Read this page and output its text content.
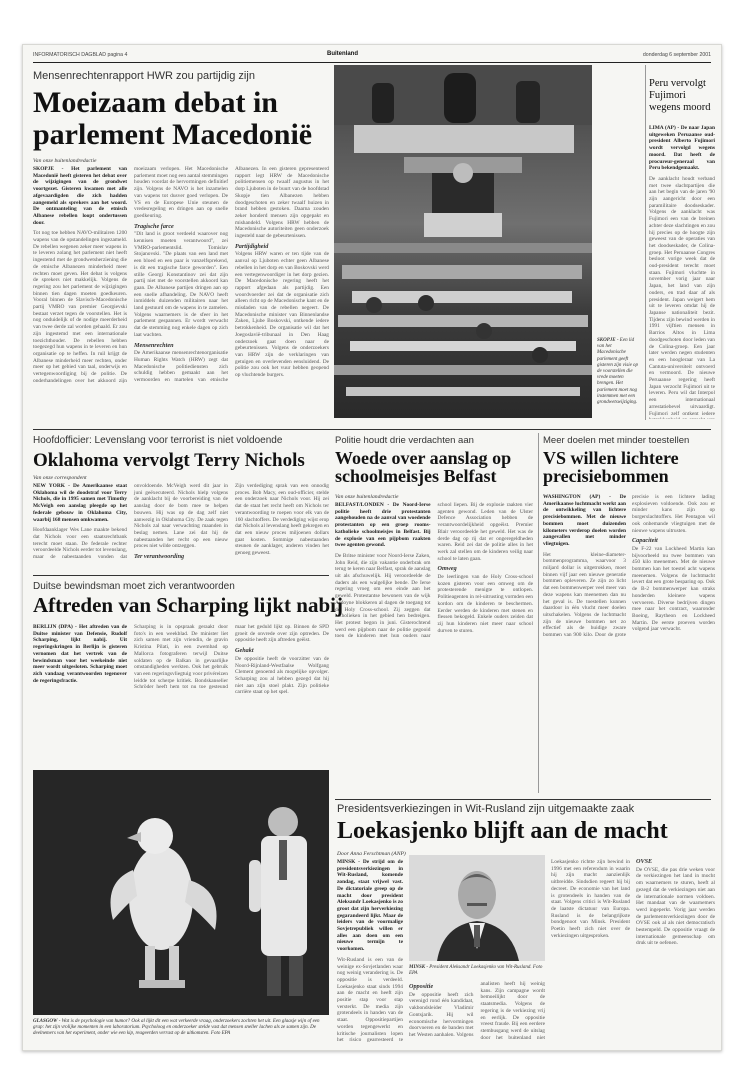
INFORMATORISCH DAGBLAD pagina 4	Buitenland	donderdag 6 september 2001
Mensenrechtenrapport HWR zou partijdig zijn
Moeizaam debat in
parlement Macedonië
Van onze buitenlandredactie

SKOPJE - Het parlement van Macedonië heeft gisteren het debat over de wijzigingen van de grondwet voortgezet. Gisteren kwamen met alle afgevaardigden die zich hadden aangemeld als sprekers aan het woord. De ontmanteling van de etnisch Albanese rebellen loopt ondertussen door.

Tot nog toe hebben NAVO-militairen 1200 wapens van de opstandelingen ingezameld. De rebellen wegenen zeker meer wapens in te leveren zolang het parlement niet heeft ingestemd met de grondwetsherziening die de etnische Albanezen minderheid meer rechten moet geven. Het debat is volgens de sprekers niet makkelijk. Volgens de regering zou het parlement de wijzigingen binnen tien dagen moeten goedkeuren. Vooral binnen de Slavisch-Macedonische partij VMRO van premier Georgievski bestaat verzet tegen de voorstellen. Het is nog onduidelijk of de nodige meerderheid van twee derde zal worden gehaald. Er zou zijn ingestemd met een internationale toezichthouder. De rebellen hebben toegezegd hun wapens in te leveren en hun organisatie op te heffen. In ruil krijgt de Albanese minderheid meer rechten, onder meer op het gebied van taal, onderwijs en vertegenwoordiging bij de politie. De onderhandelingen over het akkoord zijn moeizaam verlopen. Het Macedonische parlement moet nog een aantal stemmingen houden voordat de hervormingen definitief zijn. Volgens de NAVO is het inzamelen van wapens tot dusver goed verlopen. De VS en de Europese Unie steunen de vredesregeling en dringen aan op snelle goedkeuring.

Tragische farce

"Dit land is groot verdeeld waarover nog kennisen moeten verantwoord", zei VMRO-parlementslid. Tomislav Stojanovski. "De plaats van een land met een bloed en een paar is vanzelfsprekend, is dit een tragische farce geworden". Een stille Georgi Konstantinov zei dat zijn partij niet met de voorstellen akkoord kan gaan. De Albanese partijen dringen aan op een snelle afhandeling. De NAVO heeft inmiddels duizenden militairen naar het land gestuurd om de wapens in te zamelen. Volgens waarnemers is de sfeer in het parlement gespannen. Er wordt verwacht dat de stemming nog enkele dagen op zich laat wachten.

Mensenrechten

De Amerikaanse mensenrechtenorganisatie Human Rights Watch (HRW) zegt dat Macedonische politiediensten zich schuldig hebben gemaakt aan het vermoorden en martelen van etnische Albanezen. In een gisteren gepresenteerd rapport legt HRW de Macedonische politiemensen op twaalf augustus in het dorp Ljuboten in de buurt van de hoofdstad Skopje tien Albanezen hebben doodgeschoten en zeker twaalf huizen in brand hebben gestoken. Daarna zouden zeker honderd mensen zijn opgepakt en mishandeld. Volgens HRW hebben de Macedonische autoriteiten geen onderzoek ingesteld naar de gebeurtenissen.

Partijdigheid

Volgens HRW waren er ten tijde van de aanval op Ljuboten echter geen Albanese rebellen in het dorp en van Boskovski werd een vertegenwoordiger in het dorp gezien. De Macedonische regering heeft het rapport afgedaan als partijdig. Een woordvoerder zei dat de organisatie zich alleen richt op de Macedonische kant en de misdaden van de rebellen negeert. De Macedonische minister van Binnenlandse Zaken, Ljube Boskovski, ontkende iedere betrokkenheid. De organisatie wil dat het Joegoslavië-tribunaal in Den Haag onderzoek gaat doen naar de gebeurtenissen. Volgens de onderzoekers van HRW zijn de verklaringen van getuigen en overlevenden eensluidend. De politie zou ook het vuur hebben geopend op vluchtende burgers.

SKOPJE - Een lid van het Macedonische parlement geeft gisteren zijn visie op de voorstellen die vrede moeten brengen. Het parlement moet nog instemmen met een grondwetswijziging.
Peru vervolgt Fujimori wegens moord

LIMA (AP) - De naar Japan uitgeweken Peruaanse oud-president Alberto Fujimori wordt vervolgd wegens moord. Dat heeft de procureur-generaal van Peru bekendgemaakt.

De aanklacht houdt verband met twee slachtpartijen die aan het begin van de jaren '90 zijn aangericht door een paramilitaire doodseskader. Volgens de aanklacht was Fujimori een van de breinen achter deze slachtingen en zou hij precies op de hoogte zijn geweest van de operaties van het doodseskader, de Colina-groep. Het Peruaanse Congres besloot vorige week dat de oud-president terecht moet staan. Fujimori vluchtte in november vorig jaar naar Japan, het land van zijn ouders, en trad daar af als president. Japan weigert hem uit te leveren omdat hij de Japanse nationaliteit bezit. Tijdens zijn bewind werden in 1991 vijftien mensen in Barrios Altos in Lima doodgeschoten door leden van de Colina-groep. Een jaar later werden negen studenten en een hoogleraar van La Cantuta-universiteit ontvoerd en vermoord. De nieuwe Peruaanse regering heeft Japan verzocht Fujimori uit te leveren. Peru wil dat Interpol een internationaal arrestatiebevel uitvaardigt. Fujimori zelf ontkent iedere

Hoofdofficier: Levenslang voor terrorist is niet voldoende
Oklahoma vervolgt Terry Nichols
Van onze correspondent

NEW YORK - De Amerikaanse staat Oklahoma wil de doodstraf voor Terry Nichols, die in 1995 samen met Timothy McVeigh een aanslag pleegde op het federale gebouw in Oklahoma City, waarbij 168 mensen omkwamen.

Hoofdaanklager Wes Lane maakte bekend dat Nichols voor een staatsrechtbank terecht moet staan. De federale rechter veroordeelde Nichols eerder tot levenslang, maar de nabestaanden vonden dat onvoldoende. McVeigh werd dit jaar in juni geëxecuteerd. Nichols hielp volgens de aanklacht bij de voorbereiding van de aanslag door de bom mee te helpen bouwen. Hij was op de dag zelf niet aanwezig in Oklahoma City. De zaak tegen Nichols zal naar verwachting maanden in beslag nemen. Lane zei dat hij de nabestaanden het recht op een nieuw proces niet wilde ontzeggen.

Ter verantwoording

Zijn verdediging sprak van een onnodig proces. Bob Macy, een oud-officier, stelde een onderzoek naar Nichols voor. Hij zei dat de staat het recht heeft om Nichols ter verantwoording te roepen voor elk van de 160 slachtoffers. De verdediging wijst erop dat Nichols al levenslang heeft gekregen en dat een nieuw proces miljoenen dollars gaat kosten. Sommige nabestaanden steunen de aanklager, anderen vinden het genoeg geweest.

Politie houdt drie verdachten aan
Woede over aanslag op schoolmeisjes Belfast
Van onze buitenlandredactie

BELFAST/LONDEN - De Noord-Ierse politie heeft drie protestanten aangehouden na de aanval van woedende protestanten op een groep rooms-katholieke schoolmeisjes in Belfast. Bij de explosie van een pijpbom raakten twee agenten gewond.

De Britse minister voor Noord-Ierse Zaken, John Reid, die zijn vakantie onderbrak om terug te keren naar Belfast, sprak de aanslag uit als afschuwelijk. Hij veroordeelde de daders als een walgelijke bende. De Ierse regering vroeg om een einde aan het geweld. Protestantse bewoners van de wijk Ardoyne blokkeren al dagen de toegang tot de Holy Cross-school. Zij zeggen dat katholieken in het gebied hen bedreigen. Het protest begon in juni. Gisterochtend werd een pijpbom naar de politie gegooid toen de kinderen met hun ouders naar school liepen. Bij de explosie raakten vier agenten gewond. Leden van de Ulster Defence Association hebben de verantwoordelijkheid opgeëist. Premier Blair veroordeelde het geweld. Het was de derde dag op rij dat er ongeregeldheden waren. Reid zei dat de politie alles in het werk zal stellen om de kinderen veilig naar school te laten gaan.

Omweg

De leerlingen van de Holy Cross-school kozen gisteren voor een omweg om de protesterende menigte te ontlopen. Politieagenten in rel-uitrusting vormden een kordon om de kinderen te beschermen. Eerder werden de kinderen met stenen en flessen bekogeld. Enkele ouders zeiden dat zij hun kinderen niet meer naar school durven te sturen.

Meer doelen met minder toestellen
VS willen lichtere precisiebommen

WASHINGTON (AP) - De Amerikaanse luchtmacht werkt aan de ontwikkeling van lichtere precisiebommen. Met de nieuwe bommen moet duizenden kilometers verderop doelen worden aangevallen met minder vliegtuigen.

Het kleine-diameter-bommenprogramma, waarvoor 3 miljard dollar is uitgetrokken, moet binnen vijf jaar een nieuwe generatie bommen opleveren. Ze zijn zo licht dat een bommenwerper veel meer van deze wapens kan meenemen dan nu het geval is. De toestellen kunnen daardoor in één vlucht meer doelen uitschakelen. Volgens de luchtmacht zijn de nieuwe bommen net zo effectief als de huidige zware bommen van 900 kilo. Door de grote precisie is een lichtere lading explosieven voldoende. Ook zou er minder kans zijn op burgerslachtoffers. Het Pentagon wil ook onbemande vliegtuigen met de nieuwe wapens uitrusten.

Capaciteit

De F-22 van Lockheed Martin kan bijvoorbeeld nu twee bommen van 450 kilo meenemen. Met de nieuwe bommen kan het toestel acht wapens meenemen. Volgens de luchtmacht levert dat een grote besparing op. Ook de B-2 bommenwerper kan straks honderden kleinere wapens vervoeren. Diverse bedrijven dingen mee naar het contract, waaronder Boeing, Raytheon en Lockheed Martin. De eerste proeven worden volgend jaar verwacht.

Duitse bewindsman moet zich verantwoorden
Aftreden van Scharping lijkt nabij

BERLIJN (DPA) - Het aftreden van de Duitse minister van Defensie, Rudolf Scharping, lijkt nabij. Uit regeringskringen in Berlijn is gisteren vernomen dat het vertrek van de bewindsman voor het weekeinde niet meer wordt uitgesloten. Scharping moet zich vandaag verantwoorden tegenover de regeringsfractie.

Scharping is in opspraak geraakt door foto's in een weekblad. De minister liet zich samen met zijn vriendin, de gravin Kristina Pilati, in een zwembad op Mallorca fotograferen terwijl Duitse soldaten op de Balkan in gevaarlijke omstandigheden werkten. Ook het gebruik van een regeringsvliegtuig voor privéreizen leidde tot scherpe kritiek. Bondskanselier Schröder heeft hem tot nu toe gesteund maar het geduld lijkt op. Binnen de SPD groeit de onvrede over zijn optreden. De oppositie heeft zijn aftreden geëist.

Gehakt

De oppositie heeft de voorzitter van de Noord-Rijnland-Westfaalse Wolfgang Clement genoemd als mogelijke opvolger. Scharping zou al hebben gezegd dat hij niet aan zijn stoel plakt. Zijn politieke carrière staat op het spel.

GLASGOW - Wat is de psychologie van humor? Ook al lijkt dit een wat verkeerde vraag, onderzoekers zochten het uit. Een glaasje wijn of een grap: het zijn vrolijke momenten in een laboratorium. Psycholoog en onderzoeker stelde vast dat mensen sneller lachen als ze samen zijn. De deelnemers van het experiment, onder wie een kip, reageerden verrast op de uitkomsten. Foto EPA
Presidentsverkiezingen in Wit-Rusland zijn uitgemaakte zaak
Loekasjenko blijft aan de macht
Door Anna Ferschtman (ANP)

MINSK - De strijd om de presidentsverkiezingen in Wit-Rusland, komende zondag, staat vrijwel vast. De dictatoriale greep op de macht door president Aleksandr Loekasjenko is zo groot dat zijn herverkiezing gegarandeerd lijkt. Maar de leiders van de voormalige Sovjetrepubliek willen er alles aan doen om een nieuwe termijn te voorkomen.

Wit-Rusland is een van de weinige ex-Sovjetlanden waar nog weinig verandering is. De oppositie is verdeeld. Loekasjenko staat sinds 1994 aan de macht en heeft zijn positie stap voor stap versterkt. De media zijn grotendeels in handen van de staat. Oppositiepartijen worden tegengewerkt en kritische journalisten lopen het risico gearresteerd te

MINSK - President Aleksandr Loekasjenko van Wit-Rusland. Foto EPA
Oppositie

De oppositie heeft zich verenigd rond één kandidaat, vakbondsleider Vladimir Gontsjarik. Hij wil economische hervormingen doorvoeren en de banden met het Westen aanhalen. Volgens analisten heeft hij weinig kans. Zijn campagne wordt bemoeilijkt door de staatsmedia. Volgens de regering is de verkiezing vrij en eerlijk. De oppositie vreest fraude. Bij een eerdere stembusgang werd de uitslag door het buitenland niet

Loekasjenko richtte zijn bewind in 1996 met een referendum in waarin hij zijn macht aanzienlijk uitbreidde. Sindsdien regeert hij bij decreet. De economie van het land is grotendeels in handen van de staat. Volgens critici is Wit-Rusland de laatste dictatuur van Europa. Rusland is de belangrijkste bondgenoot van Minsk. President Poetin heeft zich niet over de verkiezingen uitgesproken.

OVSE

De OVSE, die pas drie weken voor de verkiezingen het land in mocht om waarnemers te sturen, heeft al gezegd dat de verkiezingen niet aan de internationale normen voldoen. Het mandaat van de waarnemers werd ingeperkt. Vorig jaar werden de parlementsverkiezingen door de OVSE ook al als niet democratisch bestempeld. De oppositie vraagt de internationale gemeenschap om druk uit te oefenen.
